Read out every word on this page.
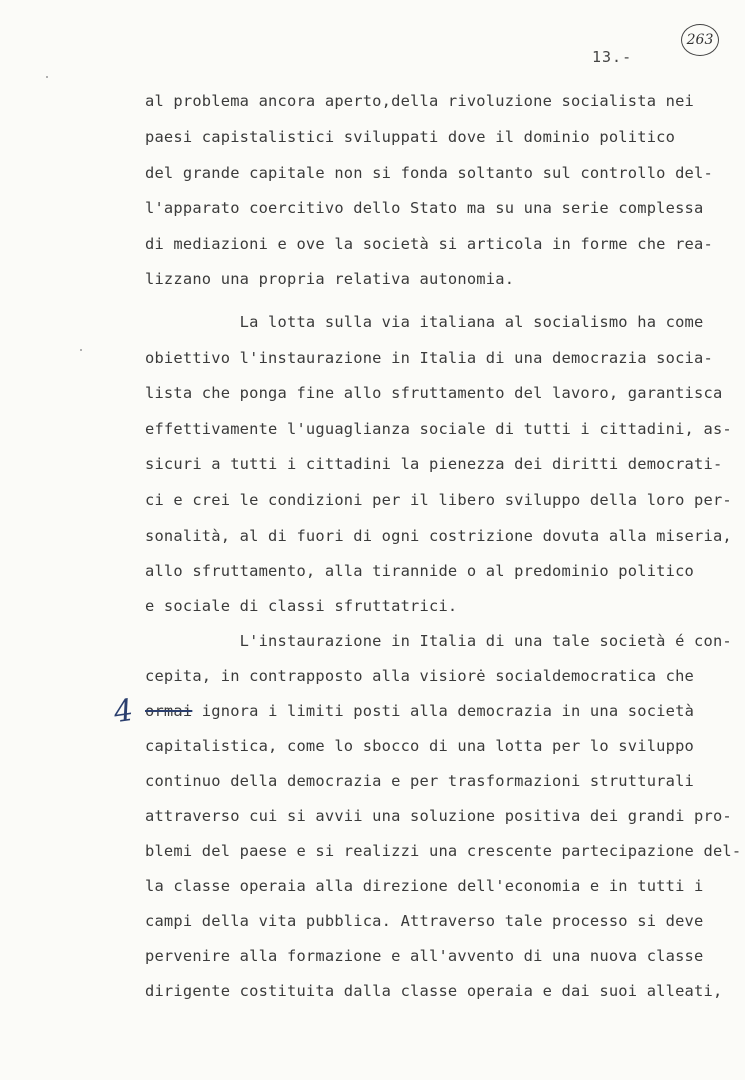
263
13.-
al problema ancora aperto,della rivoluzione socialista nei
paesi capistalistici sviluppati dove il dominio politico
del grande capitale non si fonda soltanto sul controllo del-
l'apparato coercitivo dello Stato ma su una serie complessa
di mediazioni e ove la società si articola in forme che rea-
lizzano una propria relativa autonomia.
La lotta sulla via italiana al socialismo ha come
obiettivo l'instaurazione in Italia di una democrazia socia-
lista che ponga fine allo sfruttamento del lavoro, garantisca
effettivamente l'uguaglianza sociale di tutti i cittadini, as-
sicuri a tutti i cittadini la pienezza dei diritti democrati-
ci e crei le condizioni per il libero sviluppo della loro per-
sonalità, al di fuori di ogni costrizione dovuta alla miseria,
allo sfruttamento, alla tirannide o al predominio politico
e sociale di classi sfruttatrici.
L'instaurazione in Italia di una tale società é con-
cepita, in contrapposto alla visiorė socialdemocratica che
ormai ignora i limiti posti alla democrazia in una società
capitalistica, come lo sbocco di una lotta per lo sviluppo
continuo della democrazia e per trasformazioni strutturali
attraverso cui si avvii una soluzione positiva dei grandi pro-
blemi del paese e si realizzi una crescente partecipazione del-
la classe operaia alla direzione dell'economia e in tutti i
campi della vita pubblica. Attraverso tale processo si deve
pervenire alla formazione e all'avvento di una nuova classe
dirigente costituita dalla classe operaia e dai suoi alleati,
4
